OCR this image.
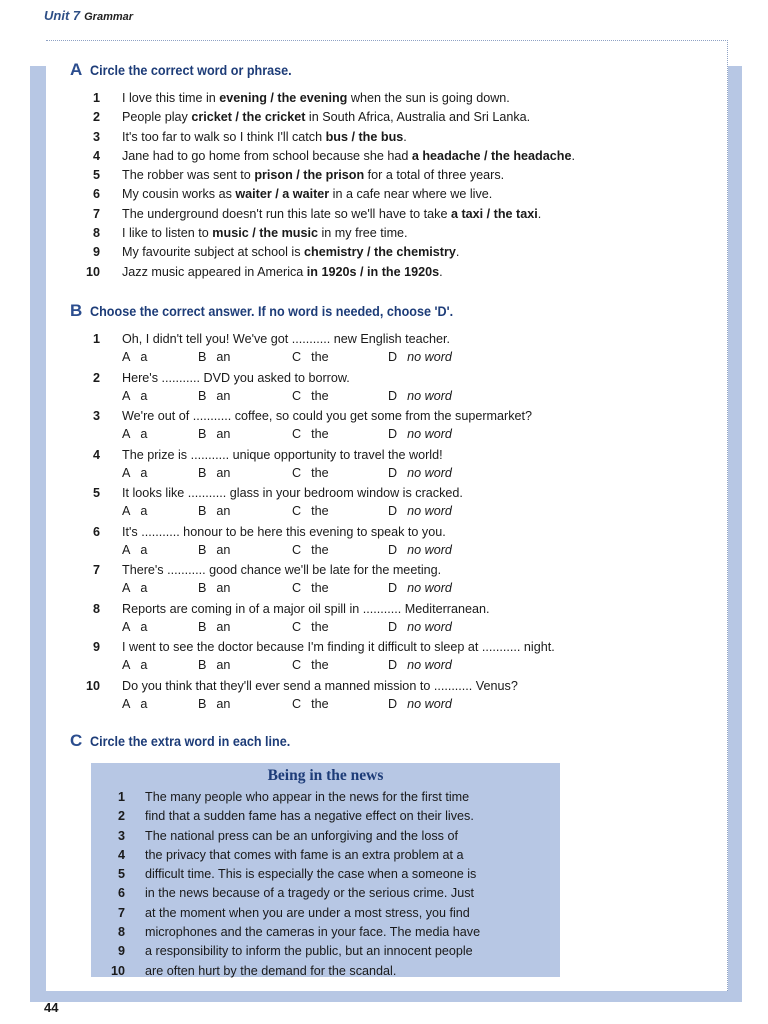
Unit 7 Grammar
A Circle the correct word or phrase.
1 I love this time in evening / the evening when the sun is going down.
2 People play cricket / the cricket in South Africa, Australia and Sri Lanka.
3 It's too far to walk so I think I'll catch bus / the bus.
4 Jane had to go home from school because she had a headache / the headache.
5 The robber was sent to prison / the prison for a total of three years.
6 My cousin works as waiter / a waiter in a cafe near where we live.
7 The underground doesn't run this late so we'll have to take a taxi / the taxi.
8 I like to listen to music / the music in my free time.
9 My favourite subject at school is chemistry / the chemistry.
10 Jazz music appeared in America in 1920s / in the 1920s.
B Choose the correct answer. If no word is needed, choose 'D'.
1 Oh, I didn't tell you! We've got ........... new English teacher.
A a	B an	C the	D no word
2 Here's ........... DVD you asked to borrow.
A a	B an	C the	D no word
3 We're out of ........... coffee, so could you get some from the supermarket?
A a	B an	C the	D no word
4 The prize is ........... unique opportunity to travel the world!
A a	B an	C the	D no word
5 It looks like ........... glass in your bedroom window is cracked.
A a	B an	C the	D no word
6 It's ........... honour to be here this evening to speak to you.
A a	B an	C the	D no word
7 There's ........... good chance we'll be late for the meeting.
A a	B an	C the	D no word
8 Reports are coming in of a major oil spill in ........... Mediterranean.
A a	B an	C the	D no word
9 I went to see the doctor because I'm finding it difficult to sleep at ........... night.
A a	B an	C the	D no word
10 Do you think that they'll ever send a manned mission to ........... Venus?
A a	B an	C the	D no word
C Circle the extra word in each line.
Being in the news
1 The many people who appear in the news for the first time
2 find that a sudden fame has a negative effect on their lives.
3 The national press can be an unforgiving and the loss of
4 the privacy that comes with fame is an extra problem at a
5 difficult time. This is especially the case when a someone is
6 in the news because of a tragedy or the serious crime. Just
7 at the moment when you are under a most stress, you find
8 microphones and the cameras in your face. The media have
9 a responsibility to inform the public, but an innocent people
10 are often hurt by the demand for the scandal.
44
